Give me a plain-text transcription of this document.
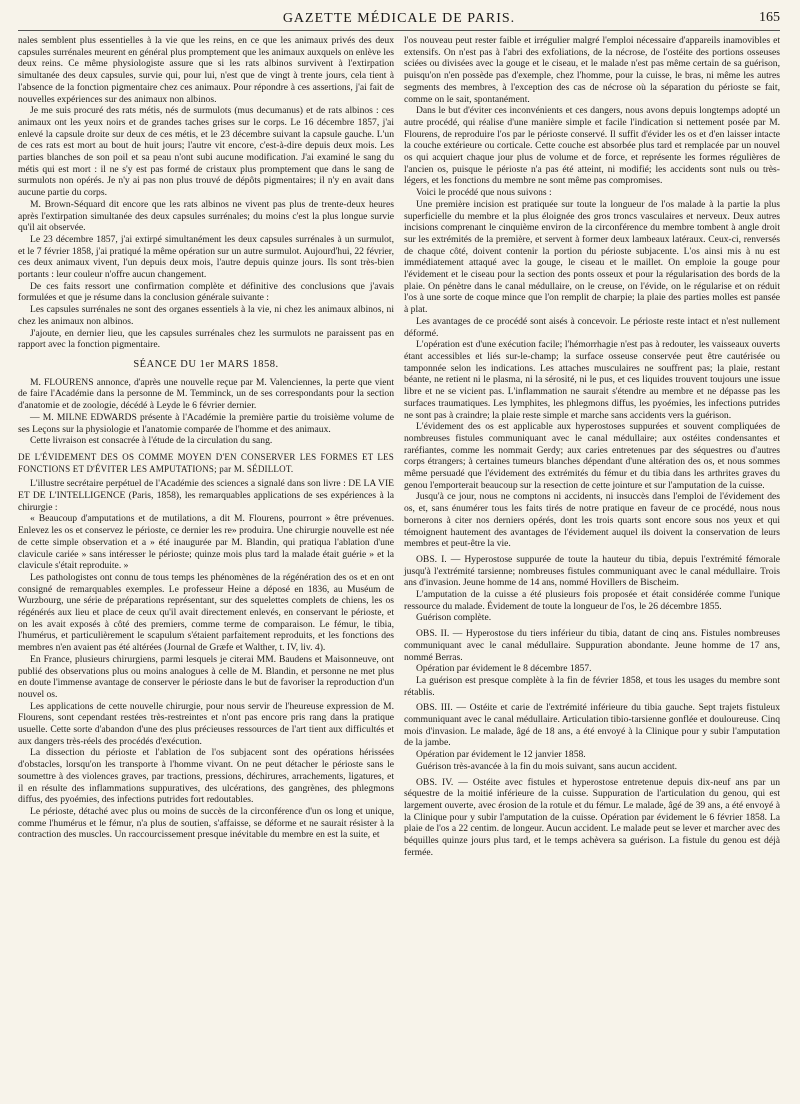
GAZETTE MÉDICALE DE PARIS.	165

nales semblent plus essentielles à la vie que les reins, en ce que les animaux privés des deux capsules surrénales meurent en général plus promptement que les animaux auxquels on enlève les deux reins. Ce même physiologiste assure que si les rats albinos survivent à l'extirpation simultanée des deux capsules, survie qui, pour lui, n'est que de vingt à trente jours, cela tient à l'absence de la fonction pigmentaire chez ces animaux. Pour répondre à ces assertions, j'ai fait de nouvelles expériences sur des animaux non albinos.

Je me suis procuré des rats métis, nés de surmulots (mus decumanus) et de rats albinos : ces animaux ont les yeux noirs et de grandes taches grises sur le corps. Le 16 décembre 1857, j'ai enlevé la capsule droite sur deux de ces métis, et le 23 décembre suivant la capsule gauche. L'un de ces rats est mort au bout de huit jours; l'autre vit encore, c'est-à-dire depuis deux mois. Les parties blanches de son poil et sa peau n'ont subi aucune modification. J'ai examiné le sang du métis qui est mort : il ne s'y est pas formé de cristaux plus promptement que dans le sang de surmulots non opérés. Je n'y ai pas non plus trouvé de dépôts pigmentaires; il n'y en avait dans aucune partie du corps.

M. Brown-Séquard dit encore que les rats albinos ne vivent pas plus de trente-deux heures après l'extirpation simultanée des deux capsules surrénales; du moins c'est la plus longue survie qu'il ait observée.

Le 23 décembre 1857, j'ai extirpé simultanément les deux capsules surrénales à un surmulot, et le 7 février 1858, j'ai pratiqué la même opération sur un autre surmulot. Aujourd'hui, 22 février, ces deux animaux vivent, l'un depuis deux mois, l'autre depuis quinze jours. Ils sont très-bien portants : leur couleur n'offre aucun changement.

De ces faits ressort une confirmation complète et définitive des conclusions que j'avais formulées et que je résume dans la conclusion générale suivante :

Les capsules surrénales ne sont des organes essentiels à la vie, ni chez les animaux albinos, ni chez les animaux non albinos.

J'ajoute, en dernier lieu, que les capsules surrénales chez les surmulots ne paraissent pas en rapport avec la fonction pigmentaire.

SÉANCE DU 1er MARS 1858.

M. FLOURENS annonce, d'après une nouvelle reçue par M. Valenciennes, la perte que vient de faire l'Académie dans la personne de M. Temminck, un de ses correspondants pour la section d'anatomie et de zoologie, décédé à Leyde le 6 février dernier.

— M. MILNE EDWARDS présente à l'Académie la première partie du troisième volume de ses Leçons sur la physiologie et l'anatomie comparée de l'homme et des animaux.

Cette livraison est consacrée à l'étude de la circulation du sang.

DE L'ÉVIDEMENT DES OS COMME MOYEN D'EN CONSERVER LES FORMES ET LES FONCTIONS ET D'ÉVITER LES AMPUTATIONS; par M. SÉDILLOT.

L'illustre secrétaire perpétuel de l'Académie des sciences a signalé dans son livre : DE LA VIE ET DE L'INTELLIGENCE (Paris, 1858), les remarquables applications de ses expériences à la chirurgie :

« Beaucoup d'amputations et de mutilations, a dit M. Flourens, pourront » être prévenues. Enlevez les os et conservez le périoste, ce dernier les re» produira. Une chirurgie nouvelle est née de cette simple observation et a » été inaugurée par M. Blandin, qui pratiqua l'ablation d'une clavicule cariée » sans intéresser le périoste; quinze mois plus tard la malade était guérie » et la clavicule s'était reproduite. »

Les pathologistes ont connu de tous temps les phénomènes de la régénération des os et en ont consigné de remarquables exemples. Le professeur Heine a déposé en 1836, au Muséum de Wurzbourg, une série de préparations représentant, sur des squelettes complets de chiens, les os régénérés aux lieu et place de ceux qu'il avait directement enlevés, en conservant le périoste, et on les avait exposés à côté des premiers, comme terme de comparaison. Le fémur, le tibia, l'humérus, et particulièrement le scapulum s'étaient parfaitement reproduits, et les fonctions des membres n'en avaient pas été altérées (Journal de Græfe et Walther, t. IV, liv. 4).

En France, plusieurs chirurgiens, parmi lesquels je citerai MM. Baudens et Maisonneuve, ont publié des observations plus ou moins analogues à celle de M. Blandin, et personne ne met plus en doute l'immense avantage de conserver le périoste dans le but de favoriser la reproduction d'un nouvel os.

Les applications de cette nouvelle chirurgie, pour nous servir de l'heureuse expression de M. Flourens, sont cependant restées très-restreintes et n'ont pas encore pris rang dans la pratique usuelle. Cette sorte d'abandon d'une des plus précieuses ressources de l'art tient aux difficultés et aux dangers très-réels des procédés d'exécution.

La dissection du périoste et l'ablation de l'os subjacent sont des opérations hérissées d'obstacles, lorsqu'on les transporte à l'homme vivant. On ne peut détacher le périoste sans le soumettre à des violences graves, par tractions, pressions, déchirures, arrachements, ligatures, et il en résulte des inflammations suppuratives, des ulcérations, des gangrènes, des phlegmons diffus, des pyoémies, des infections putrides fort redoutables.

Le périoste, détaché avec plus ou moins de succès de la circonférence d'un os long et unique, comme l'humérus et le fémur, n'a plus de soutien, s'affaisse, se déforme et ne saurait résister à la contraction des muscles. Un raccourcissement presque inévitable du membre en est la suite, et

l'os nouveau peut rester faible et irrégulier malgré l'emploi nécessaire d'appareils inamovibles et extensifs. On n'est pas à l'abri des exfoliations, de la nécrose, de l'ostéite des portions osseuses sciées ou divisées avec la gouge et le ciseau, et le malade n'est pas même certain de sa guérison, puisqu'on n'en possède pas d'exemple, chez l'homme, pour la cuisse, le bras, ni même les autres segments des membres, à l'exception des cas de nécrose où la séparation du périoste se fait, comme on le sait, spontanément.

Dans le but d'éviter ces inconvénients et ces dangers, nous avons depuis longtemps adopté un autre procédé, qui réalise d'une manière simple et facile l'indication si nettement posée par M. Flourens, de reproduire l'os par le périoste conservé. Il suffit d'évider les os et d'en laisser intacte la couche extérieure ou corticale. Cette couche est absorbée plus tard et remplacée par un nouvel os qui acquiert chaque jour plus de volume et de force, et représente les formes régulières de l'ancien os, puisque le périoste n'a pas été atteint, ni modifié; les accidents sont nuls ou très-légers, et les fonctions du membre ne sont même pas compromises.

Voici le procédé que nous suivons :

Une première incision est pratiquée sur toute la longueur de l'os malade à la partie la plus superficielle du membre et la plus éloignée des gros troncs vasculaires et nerveux. Deux autres incisions comprenant le cinquième environ de la circonférence du membre tombent à angle droit sur les extrémités de la première, et servent à former deux lambeaux latéraux. Ceux-ci, renversés de chaque côté, doivent contenir la portion du périoste subjacente. L'os ainsi mis à nu est immédiatement attaqué avec la gouge, le ciseau et le maillet. On emploie la gouge pour l'évidement et le ciseau pour la section des ponts osseux et pour la régularisation des bords de la plaie. On pénètre dans le canal médullaire, on le creuse, on l'évide, on le régularise et on réduit l'os à une sorte de coque mince que l'on remplit de charpie; la plaie des parties molles est pansée à plat.

Les avantages de ce procédé sont aisés à concevoir. Le périoste reste intact et n'est nullement déformé.

L'opération est d'une exécution facile; l'hémorrhagie n'est pas à redouter, les vaisseaux ouverts étant accessibles et liés sur-le-champ; la surface osseuse conservée peut être cautérisée ou tamponnée selon les indications. Les attaches musculaires ne souffrent pas; la plaie, restant béante, ne retient ni le plasma, ni la sérosité, ni le pus, et ces liquides trouvent toujours une issue libre et ne se vicient pas. L'inflammation ne saurait s'étendre au membre et ne dépasse pas les surfaces traumatiques. Les lymphites, les phlegmons diffus, les pyoémies, les infections putrides ne sont pas à craindre; la plaie reste simple et marche sans accidents vers la guérison.

L'évidement des os est applicable aux hyperostoses suppurées et souvent compliquées de nombreuses fistules communiquant avec le canal médullaire; aux ostéites condensantes et raréfiantes, comme les nommait Gerdy; aux caries entretenues par des séquestres ou d'autres corps étrangers; à certaines tumeurs blanches dépendant d'une altération des os, et nous sommes même persuadé que l'évidement des extrémités du fémur et du tibia dans les arthrites graves du genou l'emporterait beaucoup sur la resection de cette jointure et sur l'amputation de la cuisse.

Jusqu'à ce jour, nous ne comptons ni accidents, ni insuccès dans l'emploi de l'évidement des os, et, sans énumérer tous les faits tirés de notre pratique en faveur de ce procédé, nous nous bornerons à citer nos derniers opérés, dont les trois quarts sont encore sous nos yeux et qui témoignent hautement des avantages de l'évidement auquel ils doivent la conservation de leurs membres et peut-être la vie.

OBS. I. — Hyperostose suppurée de toute la hauteur du tibia, depuis l'extrémité fémorale jusqu'à l'extrémité tarsienne; nombreuses fistules communiquant avec le canal médullaire. Trois ans d'invasion. Jeune homme de 14 ans, nommé Hovillers de Bischeim.

L'amputation de la cuisse a été plusieurs fois proposée et était considérée comme l'unique ressource du malade. Évidement de toute la longueur de l'os, le 26 décembre 1855.

Guérison complète.

OBS. II. — Hyperostose du tiers inférieur du tibia, datant de cinq ans. Fistules nombreuses communiquant avec le canal médullaire. Suppuration abondante. Jeune homme de 17 ans, nommé Berras.

Opération par évidement le 8 décembre 1857.

La guérison est presque complète à la fin de février 1858, et tous les usages du membre sont rétablis.

OBS. III. — Ostéite et carie de l'extrémité inférieure du tibia gauche. Sept trajets fistuleux communiquant avec le canal médullaire. Articulation tibio-tarsienne gonflée et douloureuse. Cinq mois d'invasion. Le malade, âgé de 18 ans, a été envoyé à la Clinique pour y subir l'amputation de la jambe.

Opération par évidement le 12 janvier 1858.

Guérison très-avancée à la fin du mois suivant, sans aucun accident.

OBS. IV. — Ostéite avec fistules et hyperostose entretenue depuis dix-neuf ans par un séquestre de la moitié inférieure de la cuisse. Suppuration de l'articulation du genou, qui est largement ouverte, avec érosion de la rotule et du fémur. Le malade, âgé de 39 ans, a été envoyé à la Clinique pour y subir l'amputation de la cuisse. Opération par évidement le 6 février 1858. La plaie de l'os a 22 centim. de longeur. Aucun accident. Le malade peut se lever et marcher avec des béquilles quinze jours plus tard, et le temps achèvera sa guérison. La fistule du genou est déjà fermée.
